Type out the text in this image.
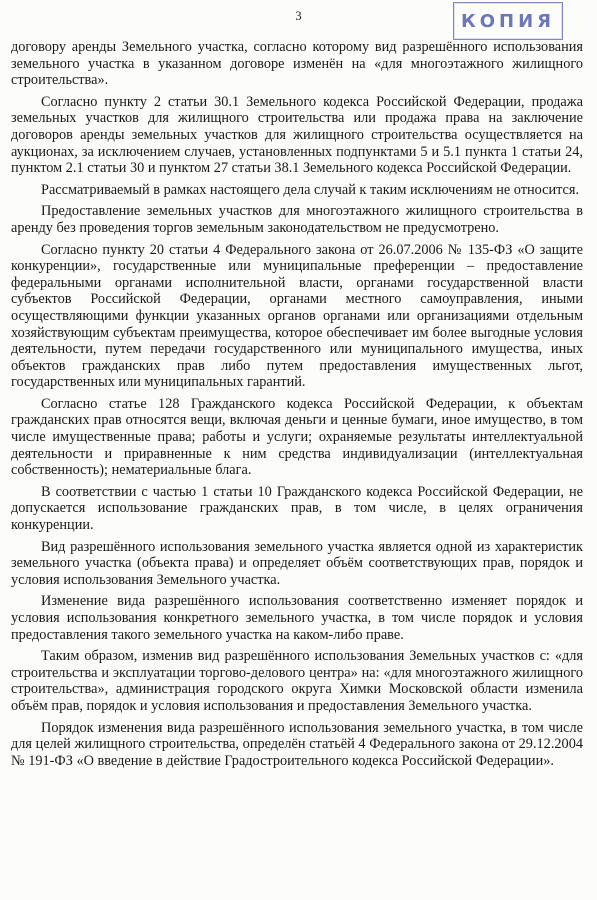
3	КОПИЯ

договору аренды Земельного участка, согласно которому вид разрешённого использования земельного участка в указанном договоре изменён на «для многоэтажного жилищного строительства».

Согласно пункту 2 статьи 30.1 Земельного кодекса Российской Федерации, продажа земельных участков для жилищного строительства или продажа права на заключение договоров аренды земельных участков для жилищного строительства осуществляется на аукционах, за исключением случаев, установленных подпунктами 5 и 5.1 пункта 1 статьи 24, пунктом 2.1 статьи 30 и пунктом 27 статьи 38.1 Земельного кодекса Российской Федерации.

Рассматриваемый в рамках настоящего дела случай к таким исключениям не относится.

Предоставление земельных участков для многоэтажного жилищного строительства в аренду без проведения торгов земельным законодательством не предусмотрено.

Согласно пункту 20 статьи 4 Федерального закона от 26.07.2006 № 135-ФЗ «О защите конкуренции», государственные или муниципальные преференции – предоставление федеральными органами исполнительной власти, органами государственной власти субъектов Российской Федерации, органами местного самоуправления, иными осуществляющими функции указанных органов органами или организациями отдельным хозяйствующим субъектам преимущества, которое обеспечивает им более выгодные условия деятельности, путем передачи государственного или муниципального имущества, иных объектов гражданских прав либо путем предоставления имущественных льгот, государственных или муниципальных гарантий.

Согласно статье 128 Гражданского кодекса Российской Федерации, к объектам гражданских прав относятся вещи, включая деньги и ценные бумаги, иное имущество, в том числе имущественные права; работы и услуги; охраняемые результаты интеллектуальной деятельности и приравненные к ним средства индивидуализации (интеллектуальная собственность); нематериальные блага.

В соответствии с частью 1 статьи 10 Гражданского кодекса Российской Федерации, не допускается использование гражданских прав, в том числе, в целях ограничения конкуренции.

Вид разрешённого использования земельного участка является одной из характеристик земельного участка (объекта права) и определяет объём соответствующих прав, порядок и условия использования Земельного участка.

Изменение вида разрешённого использования соответственно изменяет порядок и условия использования конкретного земельного участка, в том числе порядок и условия предоставления такого земельного участка на каком-либо праве.

Таким образом, изменив вид разрешённого использования Земельных участков с: «для строительства и эксплуатации торгово-делового центра» на: «для многоэтажного жилищного строительства», администрация городского округа Химки Московской области изменила объём прав, порядок и условия использования и предоставления Земельного участка.

Порядок изменения вида разрешённого использования земельного участка, в том числе для целей жилищного строительства, определён статьёй 4 Федерального закона от 29.12.2004 № 191-ФЗ «О введение в действие Градостроительного кодекса Российской Федерации».
